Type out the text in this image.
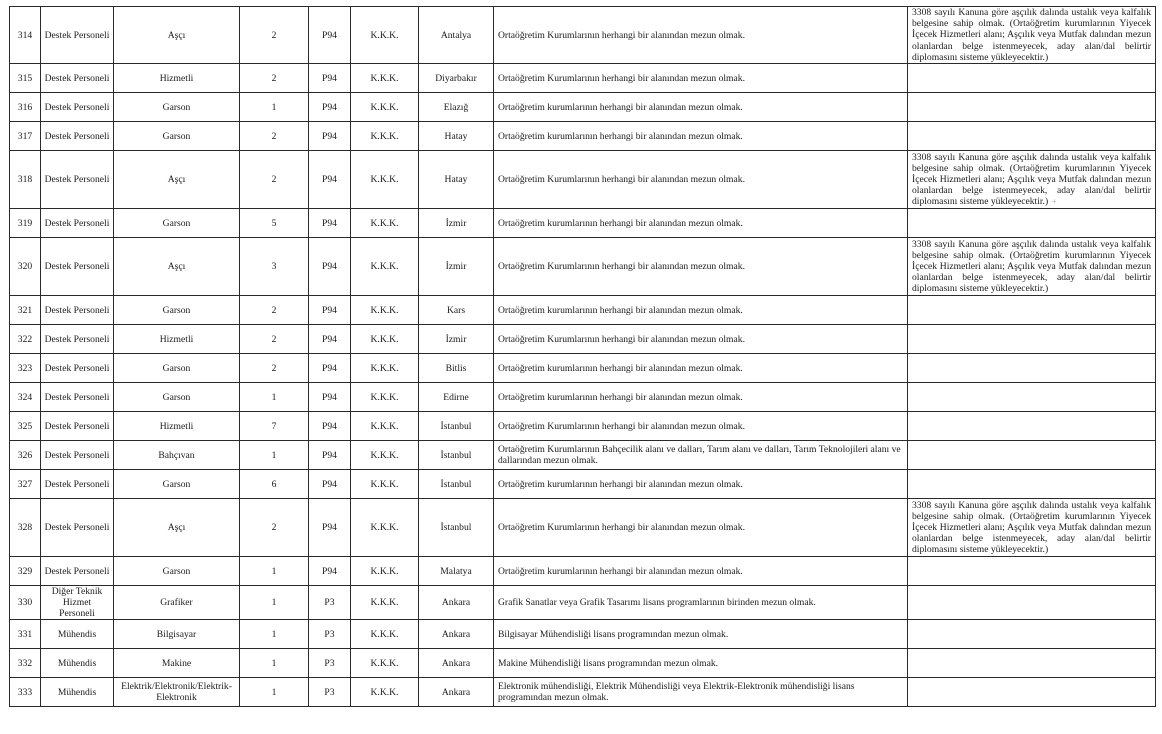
314	Destek Personeli	Aşçı	2	P94	K.K.K.	Antalya	Ortaöğretim Kurumlarının herhangi bir alanından mezun olmak.	3308 sayılı Kanuna göre aşçılık dalında ustalık veya kalfalık belgesine sahip olmak. (Ortaöğretim kurumlarının Yiyecek İçecek Hizmetleri alanı; Aşçılık veya Mutfak dalından mezun olanlardan belge istenmeyecek, aday alan/dal belirtir diplomasını sisteme yükleyecektir.)
315	Destek Personeli	Hizmetli	2	P94	K.K.K.	Diyarbakır	Ortaöğretim Kurumlarının herhangi bir alanından mezun olmak.	
316	Destek Personeli	Garson	1	P94	K.K.K.	Elazığ	Ortaöğretim kurumlarının herhangi bir alanından mezun olmak.	
317	Destek Personeli	Garson	2	P94	K.K.K.	Hatay	Ortaöğretim kurumlarının herhangi bir alanından mezun olmak.	
318	Destek Personeli	Aşçı	2	P94	K.K.K.	Hatay	Ortaöğretim Kurumlarının herhangi bir alanından mezun olmak.	3308 sayılı Kanuna göre aşçılık dalında ustalık veya kalfalık belgesine sahip olmak. (Ortaöğretim kurumlarının Yiyecek İçecek Hizmetleri alanı; Aşçılık veya Mutfak dalından mezun olanlardan belge istenmeyecek, aday alan/dal belirtir diplomasını sisteme yükleyecektir.) +
319	Destek Personeli	Garson	5	P94	K.K.K.	İzmir	Ortaöğretim kurumlarının herhangi bir alanından mezun olmak.	
320	Destek Personeli	Aşçı	3	P94	K.K.K.	İzmir	Ortaöğretim Kurumlarının herhangi bir alanından mezun olmak.	3308 sayılı Kanuna göre aşçılık dalında ustalık veya kalfalık belgesine sahip olmak. (Ortaöğretim kurumlarının Yiyecek İçecek Hizmetleri alanı; Aşçılık veya Mutfak dalından mezun olanlardan belge istenmeyecek, aday alan/dal belirtir diplomasını sisteme yükleyecektir.)
321	Destek Personeli	Garson	2	P94	K.K.K.	Kars	Ortaöğretim kurumlarının herhangi bir alanından mezun olmak.	
322	Destek Personeli	Hizmetli	2	P94	K.K.K.	İzmir	Ortaöğretim Kurumlarının herhangi bir alanından mezun olmak.	
323	Destek Personeli	Garson	2	P94	K.K.K.	Bitlis	Ortaöğretim kurumlarının herhangi bir alanından mezun olmak.	
324	Destek Personeli	Garson	1	P94	K.K.K.	Edirne	Ortaöğretim kurumlarının herhangi bir alanından mezun olmak.	
325	Destek Personeli	Hizmetli	7	P94	K.K.K.	İstanbul	Ortaöğretim Kurumlarının herhangi bir alanından mezun olmak.	
326	Destek Personeli	Bahçıvan	1	P94	K.K.K.	İstanbul	Ortaöğretim Kurumlarının Bahçecilik alanı ve dalları, Tarım alanı ve dalları, Tarım Teknolojileri alanı ve dallarından mezun olmak.	
327	Destek Personeli	Garson	6	P94	K.K.K.	İstanbul	Ortaöğretim kurumlarının herhangi bir alanından mezun olmak.	
328	Destek Personeli	Aşçı	2	P94	K.K.K.	İstanbul	Ortaöğretim Kurumlarının herhangi bir alanından mezun olmak.	3308 sayılı Kanuna göre aşçılık dalında ustalık veya kalfalık belgesine sahip olmak. (Ortaöğretim kurumlarının Yiyecek İçecek Hizmetleri alanı; Aşçılık veya Mutfak dalından mezun olanlardan belge istenmeyecek, aday alan/dal belirtir diplomasını sisteme yükleyecektir.)
329	Destek Personeli	Garson	1	P94	K.K.K.	Malatya	Ortaöğretim kurumlarının herhangi bir alanından mezun olmak.	
330	Diğer Teknik Hizmet Personeli	Grafiker	1	P3	K.K.K.	Ankara	Grafik Sanatlar veya Grafik Tasarımı lisans programlarının birinden mezun olmak.	
331	Mühendis	Bilgisayar	1	P3	K.K.K.	Ankara	Bilgisayar Mühendisliği lisans programından mezun olmak.	
332	Mühendis	Makine	1	P3	K.K.K.	Ankara	Makine Mühendisliği lisans programından mezun olmak.	
333	Mühendis	Elektrik/Elektronik/Elektrik-Elektronik	1	P3	K.K.K.	Ankara	Elektronik mühendisliği, Elektrik Mühendisliği veya Elektrik-Elektronik mühendisliği lisans programından mezun olmak.	
